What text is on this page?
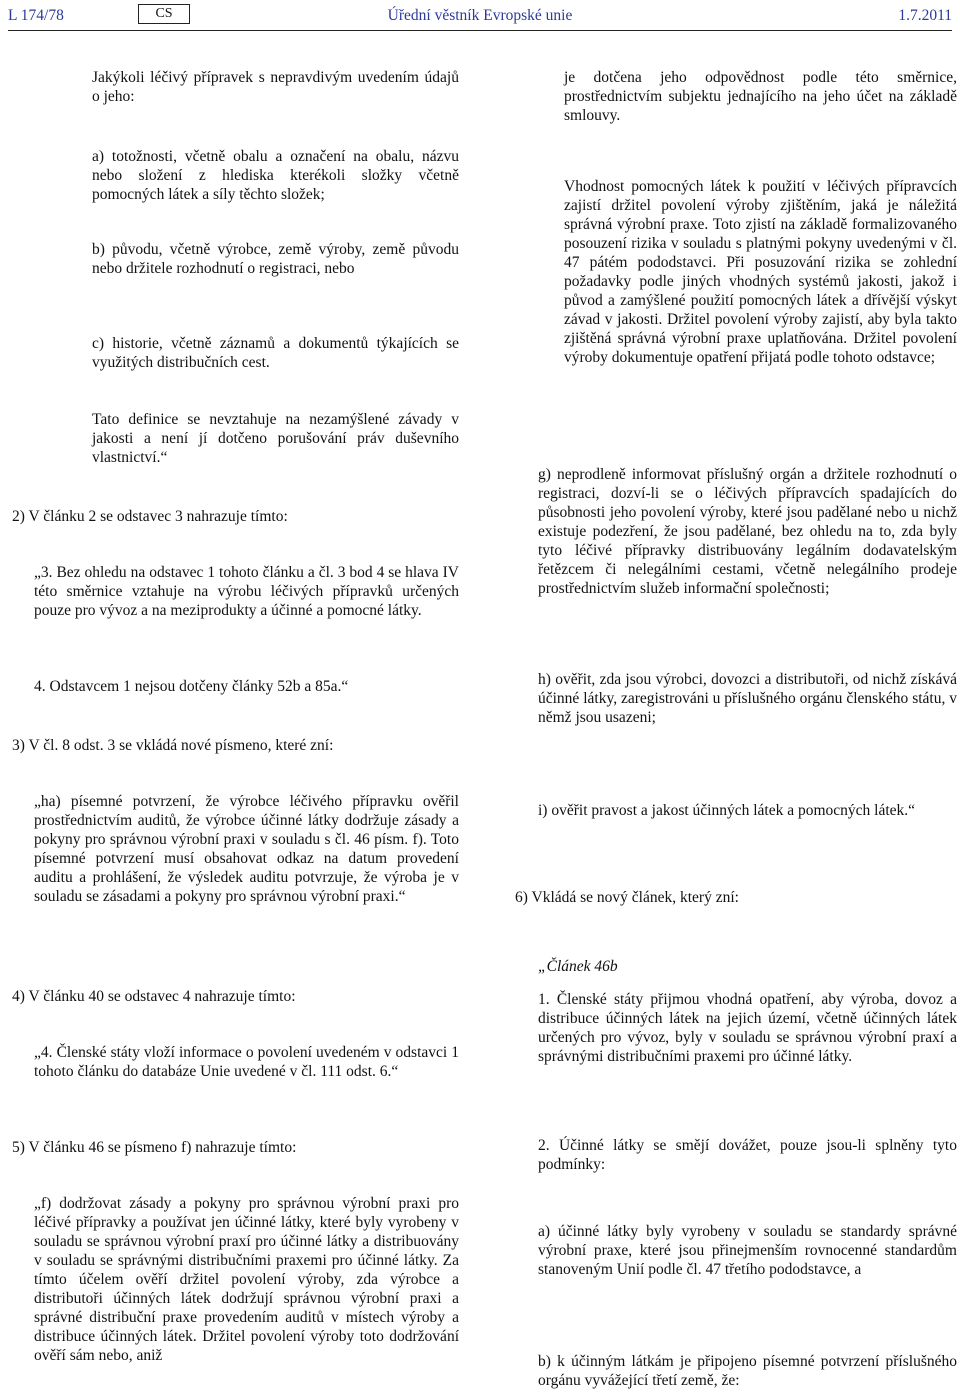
L 174/78	CS	Úřední věstník Evropské unie	1.7.2011

Jakýkoli léčivý přípravek s nepravdivým uvedením údajů o jeho:

a) totožnosti, včetně obalu a označení na obalu, názvu nebo složení z hlediska kterékoli složky včetně pomocných látek a síly těchto složek;

b) původu, včetně výrobce, země výroby, země původu nebo držitele rozhodnutí o registraci, nebo

c) historie, včetně záznamů a dokumentů týkajících se využitých distribučních cest.

Tato definice se nevztahuje na nezamýšlené závady v jakosti a není jí dotčeno porušování práv duševního vlastnictví.“

2) V článku 2 se odstavec 3 nahrazuje tímto:

„3. Bez ohledu na odstavec 1 tohoto článku a čl. 3 bod 4 se hlava IV této směrnice vztahuje na výrobu léčivých přípravků určených pouze pro vývoz a na meziprodukty a účinné a pomocné látky.

4. Odstavcem 1 nejsou dotčeny články 52b a 85a.“

3) V čl. 8 odst. 3 se vkládá nové písmeno, které zní:

„ha) písemné potvrzení, že výrobce léčivého přípravku ověřil prostřednictvím auditů, že výrobce účinné látky dodržuje zásady a pokyny pro správnou výrobní praxi v souladu s čl. 46 písm. f). Toto písemné potvrzení musí obsahovat odkaz na datum provedení auditu a prohlášení, že výsledek auditu potvrzuje, že výroba je v souladu se zásadami a pokyny pro správnou výrobní praxi.“

4) V článku 40 se odstavec 4 nahrazuje tímto:

„4. Členské státy vloží informace o povolení uvedeném v odstavci 1 tohoto článku do databáze Unie uvedené v čl. 111 odst. 6.“

5) V článku 46 se písmeno f) nahrazuje tímto:

„f) dodržovat zásady a pokyny pro správnou výrobní praxi pro léčivé přípravky a používat jen účinné látky, které byly vyrobeny v souladu se správnou výrobní praxí pro účinné látky a distribuovány v souladu se správnými distribučními praxemi pro účinné látky. Za tímto účelem ověří držitel povolení výroby, zda výrobce a distributoři účinných látek dodržují správnou výrobní praxi a správné distribuční praxe provedením auditů v místech výroby a distribuce účinných látek. Držitel povolení výroby toto dodržování ověří sám nebo, aniž

je dotčena jeho odpovědnost podle této směrnice, prostřednictvím subjektu jednajícího na jeho účet na základě smlouvy.

Vhodnost pomocných látek k použití v léčivých přípravcích zajistí držitel povolení výroby zjištěním, jaká je náležitá správná výrobní praxe. Toto zjistí na základě formalizovaného posouzení rizika v souladu s platnými pokyny uvedenými v čl. 47 pátém pododstavci. Při posuzování rizika se zohlední požadavky podle jiných vhodných systémů jakosti, jakož i původ a zamýšlené použití pomocných látek a dřívější výskyt závad v jakosti. Držitel povolení výroby zajistí, aby byla takto zjištěná správná výrobní praxe uplatňována. Držitel povolení výroby dokumentuje opatření přijatá podle tohoto odstavce;

g) neprodleně informovat příslušný orgán a držitele rozhodnutí o registraci, dozví-li se o léčivých přípravcích spadajících do působnosti jeho povolení výroby, které jsou padělané nebo u nichž existuje podezření, že jsou padělané, bez ohledu na to, zda byly tyto léčivé přípravky distribuovány legálním dodavatelským řetězcem či nelegálními cestami, včetně nelegálního prodeje prostřednictvím služeb informační společnosti;

h) ověřit, zda jsou výrobci, dovozci a distributoři, od nichž získává účinné látky, zaregistrováni u příslušného orgánu členského státu, v němž jsou usazeni;

i) ověřit pravost a jakost účinných látek a pomocných látek.“

6) Vkládá se nový článek, který zní:

„Článek 46b

1. Členské státy přijmou vhodná opatření, aby výroba, dovoz a distribuce účinných látek na jejich území, včetně účinných látek určených pro vývoz, byly v souladu se správnou výrobní praxí a správnými distribučními praxemi pro účinné látky.

2. Účinné látky se smějí dovážet, pouze jsou-li splněny tyto podmínky:

a) účinné látky byly vyrobeny v souladu se standardy správné výrobní praxe, které jsou přinejmenším rovnocenné standardům stanoveným Unií podle čl. 47 třetího pododstavce, a

b) k účinným látkám je připojeno písemné potvrzení příslušného orgánu vyvážející třetí země, že:
